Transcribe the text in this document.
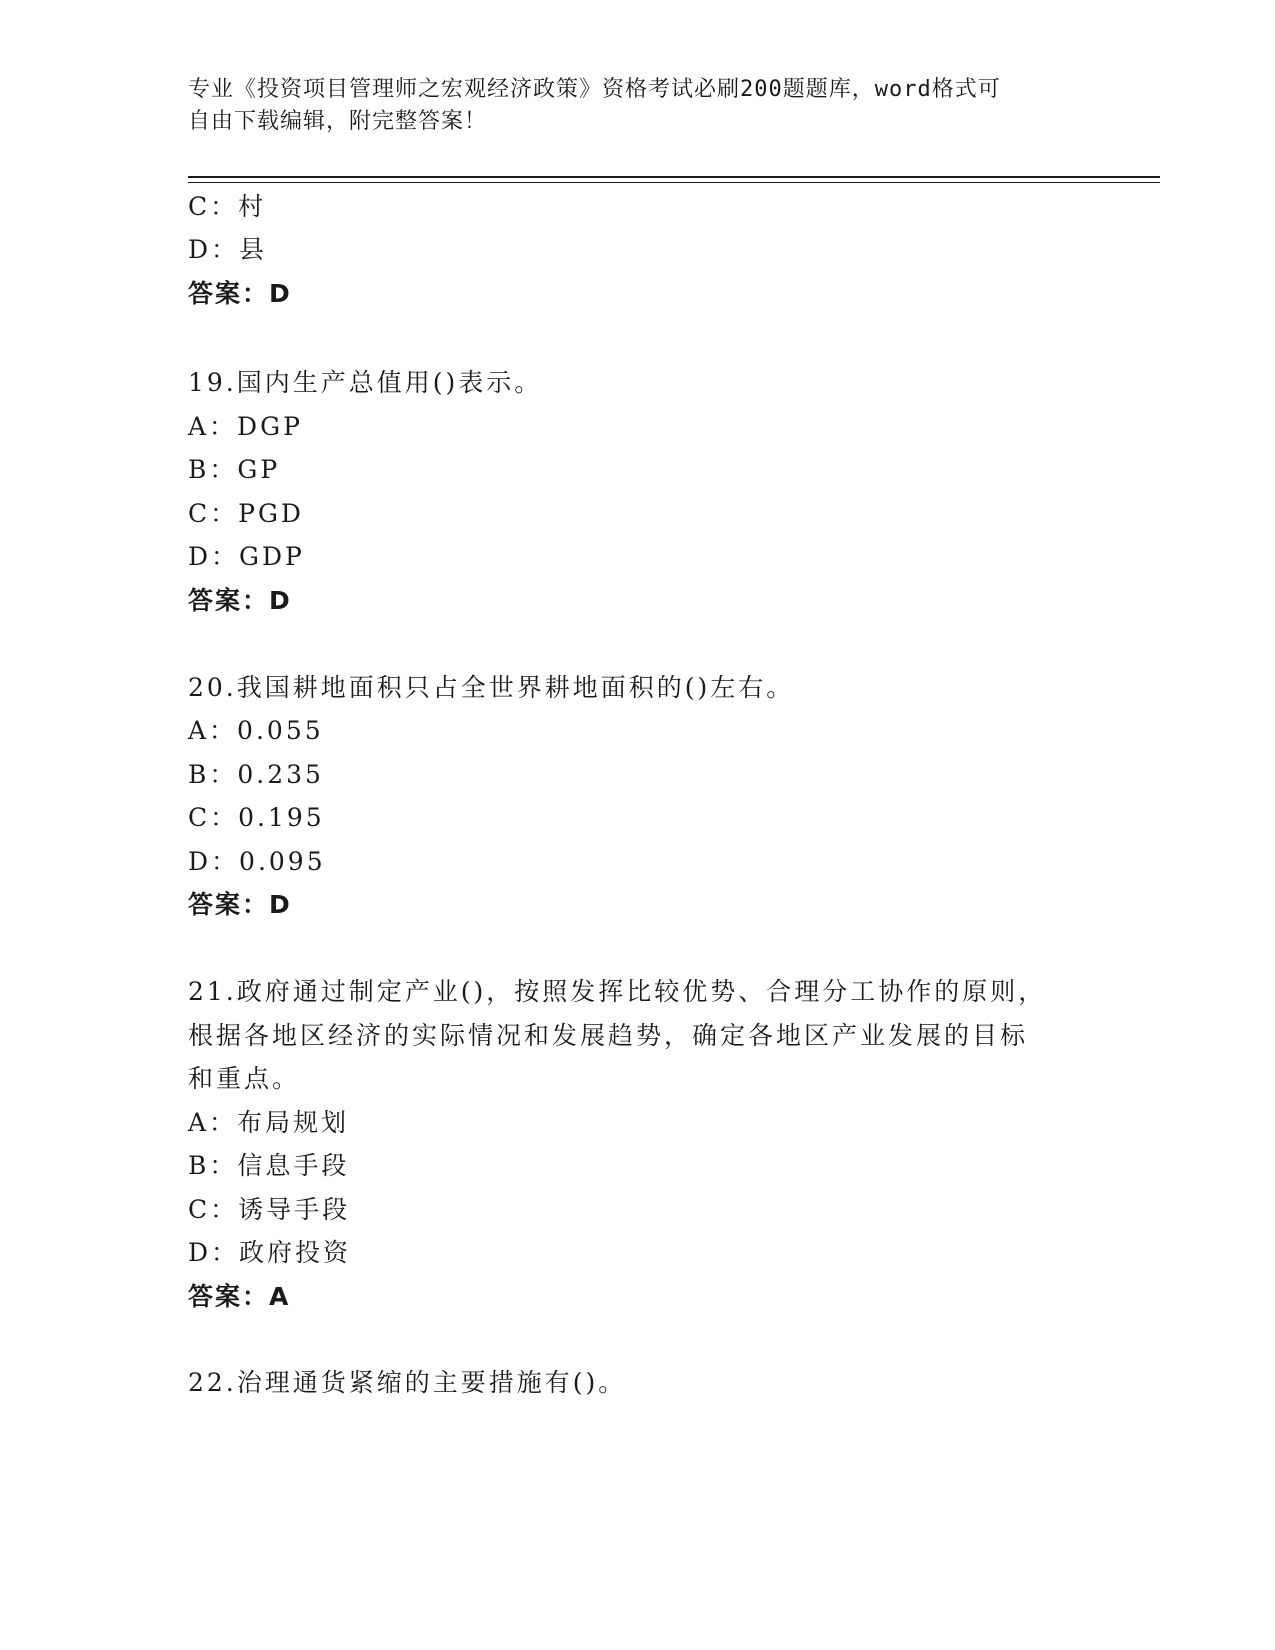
专业《投资项目管理师之宏观经济政策》资格考试必刷200题题库，word格式可
自由下载编辑，附完整答案！
C：村
D：县
答案：D
19.国内生产总值用()表示。
A：DGP
B：GP
C：PGD
D：GDP
答案：D
20.我国耕地面积只占全世界耕地面积的()左右。
A：0.055
B：0.235
C：0.195
D：0.095
答案：D
21.政府通过制定产业()，按照发挥比较优势、合理分工协作的原则，
根据各地区经济的实际情况和发展趋势，确定各地区产业发展的目标
和重点。
A：布局规划
B：信息手段
C：诱导手段
D：政府投资
答案：A
22.治理通货紧缩的主要措施有()。
